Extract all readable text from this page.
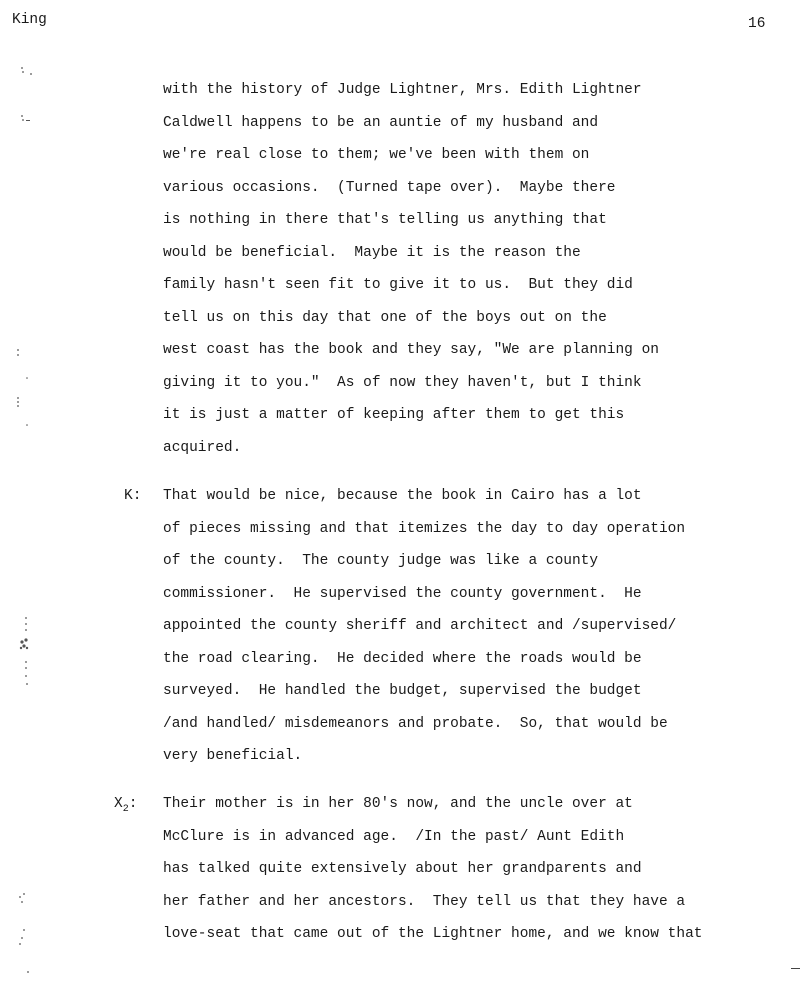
King	16
with the history of Judge Lightner, Mrs. Edith Lightner
Caldwell happens to be an auntie of my husband and
we're real close to them; we've been with them on
various occasions.  (Turned tape over).  Maybe there
is nothing in there that's telling us anything that
would be beneficial.  Maybe it is the reason the
family hasn't seen fit to give it to us.  But they did
tell us on this day that one of the boys out on the
west coast has the book and they say, "We are planning on
giving it to you."  As of now they haven't, but I think
it is just a matter of keeping after them to get this
acquired.
K: That would be nice, because the book in Cairo has a lot
of pieces missing and that itemizes the day to day operation
of the county.  The county judge was like a county
commissioner.  He supervised the county government.  He
appointed the county sheriff and architect and /supervised/
the road clearing.  He decided where the roads would be
surveyed.  He handled the budget, supervised the budget
/and handled/ misdemeanors and probate.  So, that would be
very beneficial.
$X_2$: Their mother is in her 80's now, and the uncle over at
McClure is in advanced age.  /In the past/ Aunt Edith
has talked quite extensively about her grandparents and
her father and her ancestors.  They tell us that they have a
love-seat that came out of the Lightner home, and we know that
